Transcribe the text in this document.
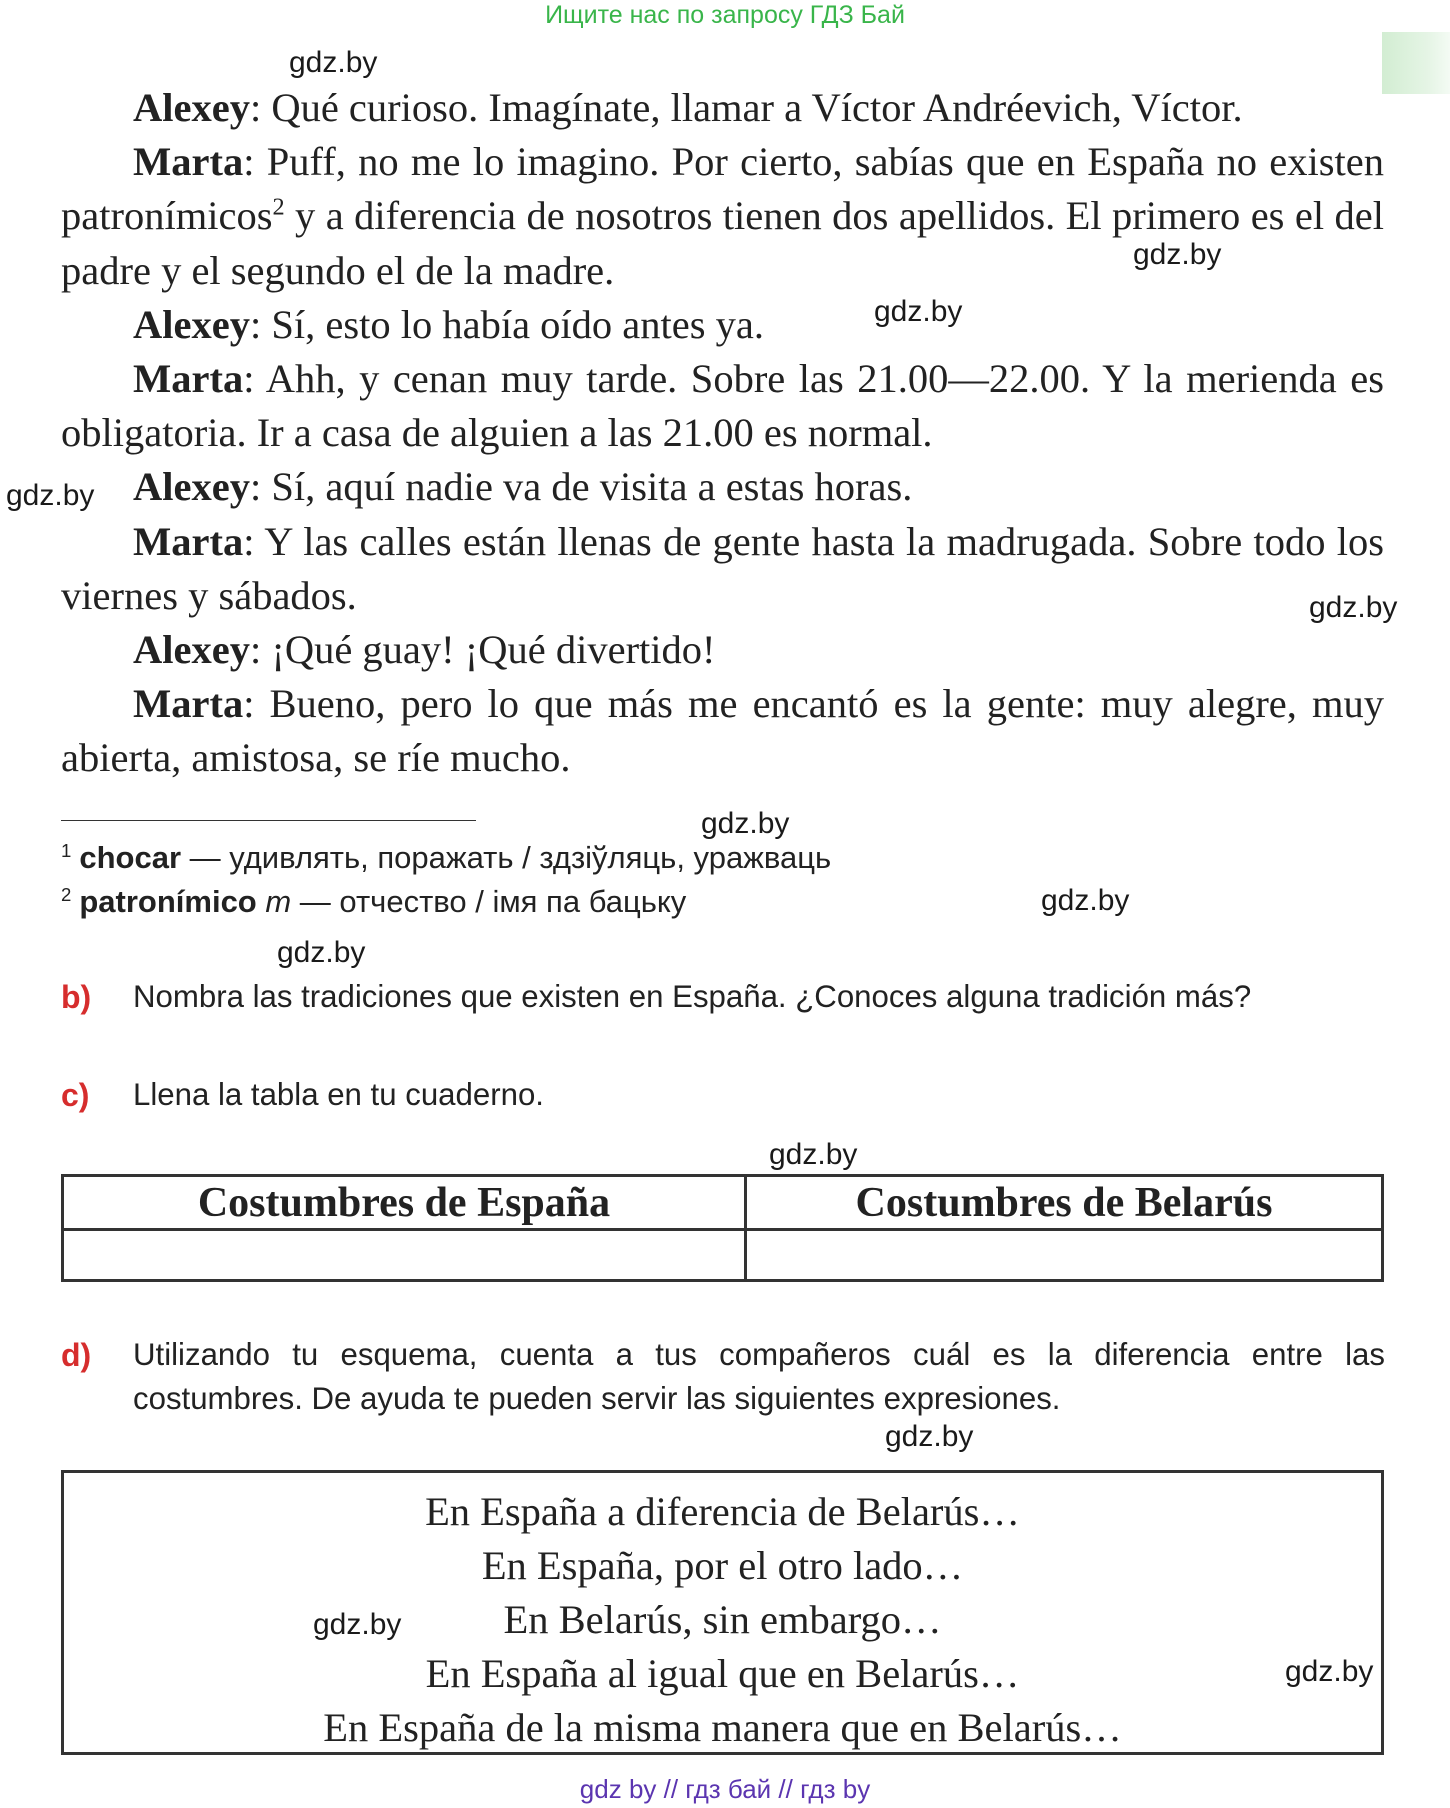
Ищите нас по запросу ГДЗ Бай
gdz.by
gdz.by
gdz.by
gdz.by
gdz.by
gdz.by
gdz.by
gdz.by
gdz.by
gdz.by
gdz.by
gdz.by

Alexey: Qué curioso. Imagínate, llamar a Víctor Andréevich, Víctor.

Marta: Puff, no me lo imagino. Por cierto, sabías que en España no existen patronímicos$^2$ y a diferencia de nosotros tienen dos apellidos. El primero es el del padre y el segundo el de la madre.

Alexey: Sí, esto lo había oído antes ya.

Marta: Ahh, y cenan muy tarde. Sobre las 21.00—22.00. Y la merienda es obligatoria. Ir a casa de alguien a las 21.00 es normal.

Alexey: Sí, aquí nadie va de visita a estas horas.

Marta: Y las calles están llenas de gente hasta la madrugada. Sobre todo los viernes y sábados.

Alexey: ¡Qué guay! ¡Qué divertido!

Marta: Bueno, pero lo que más me encantó es la gente: muy alegre, muy abierta, amistosa, se ríe mucho.

$^1$ chocar — удивлять, поражать / здзіўляць, уражваць
$^2$ patronímico m — отчество / імя па бацьку
b) Nombra las tradiciones que existen en España. ¿Conoces alguna tradición más?
c) Llena la tabla en tu cuaderno.
Costumbres de España	Costumbres de Belarús
d) Utilizando tu esquema, cuenta a tus compañeros cuál es la diferencia entre las costumbres. De ayuda te pueden servir las siguientes expresiones.
En España a diferencia de Belarús…
En España, por el otro lado…
En Belarús, sin embargo…
En España al igual que en Belarús…
En España de la misma manera que en Belarús…
gdz by // гдз бай // гдз by
